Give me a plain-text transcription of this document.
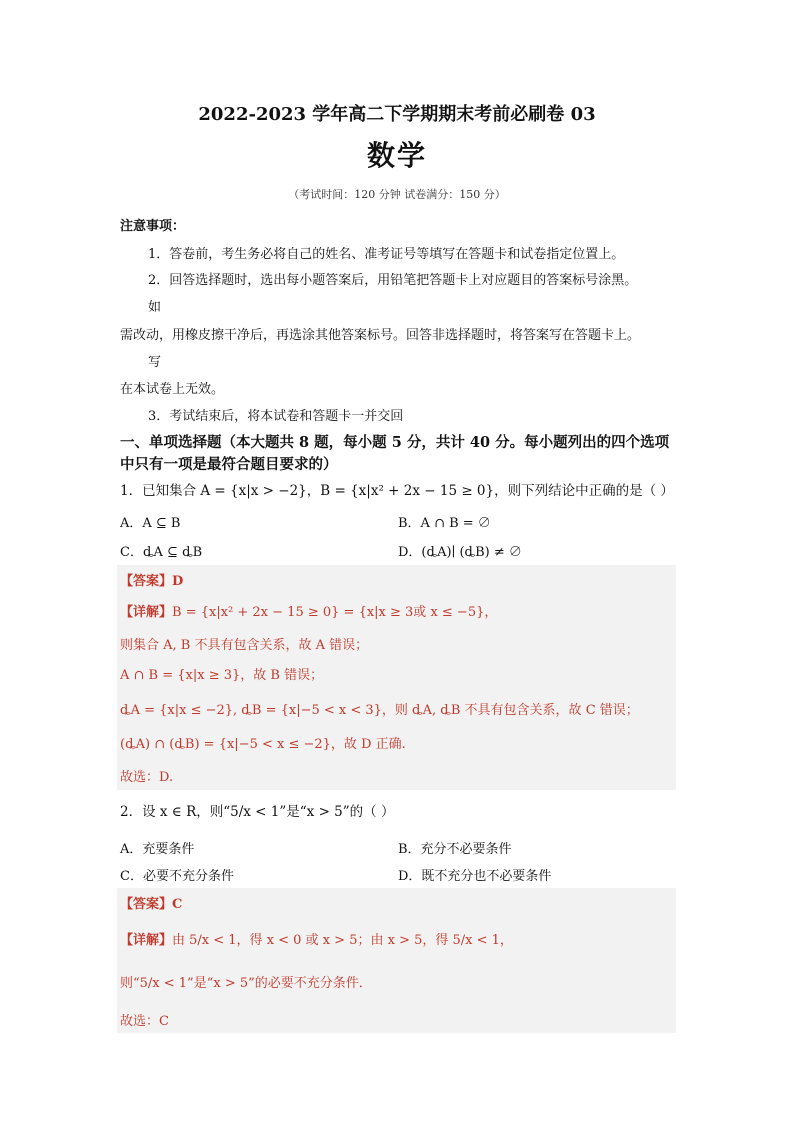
2022-2023 学年高二下学期期末考前必刷卷 03
数学
（考试时间：120 分钟 试卷满分：150 分）
注意事项：
1．答卷前，考生务必将自己的姓名、准考证号等填写在答题卡和试卷指定位置上。
2．回答选择题时，选出每小题答案后，用铅笔把答题卡上对应题目的答案标号涂黑。
如
需改动，用橡皮擦干净后，再选涂其他答案标号。回答非选择题时，将答案写在答题卡上。
写
在本试卷上无效。
3．考试结束后，将本试卷和答题卡一并交回
一、单项选择题（本大题共 8 题，每小题 5 分，共计 40 分。每小题列出的四个选项中只有一项是最符合题目要求的）
1．已知集合 A = {x|x > −2}，B = {x|x² + 2x − 15 ≥ 0}，则下列结论中正确的是（ ）
A．A ⊆ B	B．A ∩ B = ∅
C．ȡA ⊆ ȡB	D．(ȡA)∣ (ȡB) ≠ ∅
【答案】D
【详解】B = {x|x² + 2x − 15 ≥ 0} = {x|x ≥ 3或 x ≤ −5}，
则集合 A, B 不具有包含关系，故 A 错误；
A ∩ B = {x|x ≥ 3}，故 B 错误；
ȡA = {x|x ≤ −2}, ȡB = {x|−5 < x < 3}，则 ȡA, ȡB 不具有包含关系，故 C 错误；
(ȡA) ∩ (ȡB) = {x|−5 < x ≤ −2}，故 D 正确.
故选：D.
2．设 x ∈ R，则“5/x < 1”是“x > 5”的（ ）
A．充要条件	B．充分不必要条件
C．必要不充分条件	D．既不充分也不必要条件
【答案】C
【详解】由 5/x < 1，得 x < 0 或 x > 5；由 x > 5，得 5/x < 1，
则“5/x < 1”是“x > 5”的必要不充分条件．
故选：C
